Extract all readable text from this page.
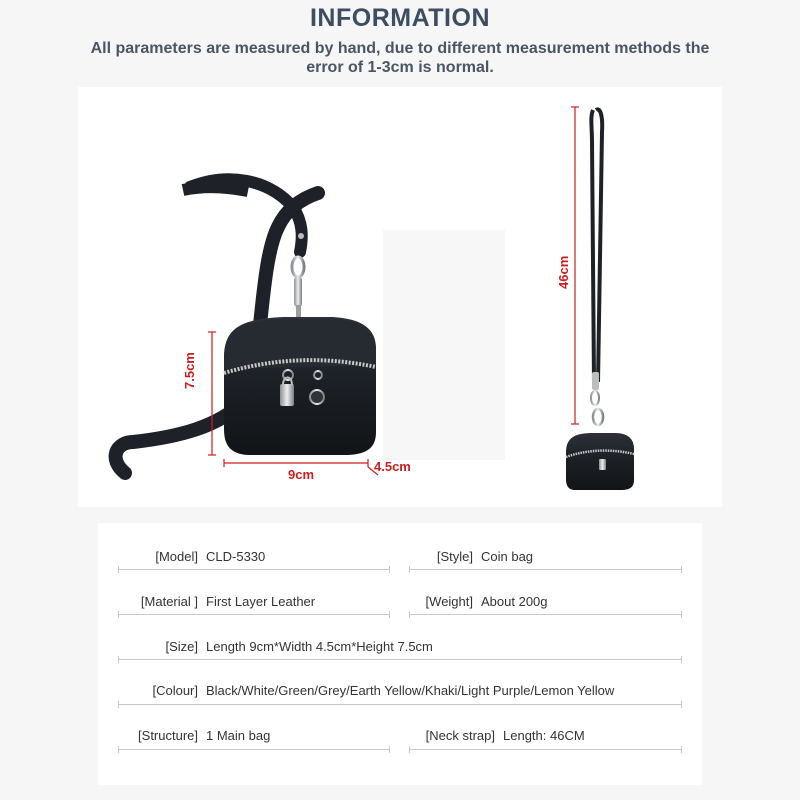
INFORMATION
All parameters are measured by hand, due to different measurement methods the error of 1-3cm is normal.
7.5cm
9cm
4.5cm
46cm
[Model] CLD-5330	[Style] Coin bag
[Material ] First Layer Leather	[Weight] About 200g
[Size] Length 9cm*Width 4.5cm*Height 7.5cm
[Colour] Black/White/Green/Grey/Earth Yellow/Khaki/Light Purple/Lemon Yellow
[Structure] 1 Main bag	[Neck strap] Length: 46CM
